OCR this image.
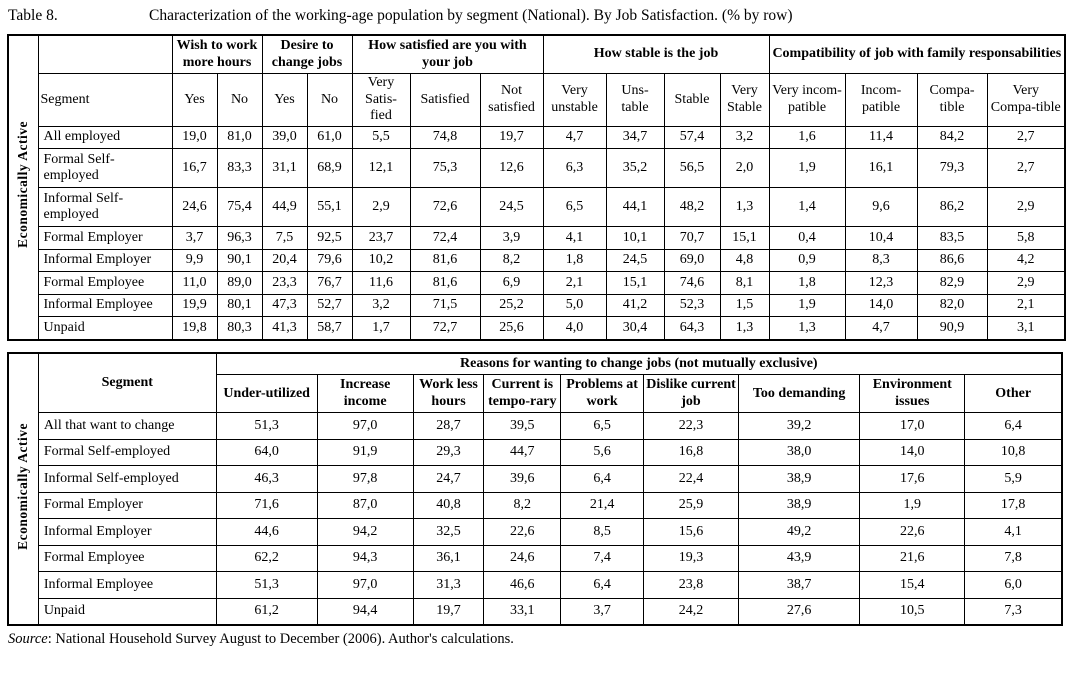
Table 8.	Characterization of the working-age population by segment (National). By Job Satisfaction. (% by row)
Economically Active		Wish to work more hours		Desire to change jobs		How satisfied are you with your job			How stable is the job				Compatibility of job with family responsabilities			
	Segment	Yes	No	Yes	No	Very Satis-fied	Satisfied	Not satisfied	Very unstable	Uns-table	Stable	Very Stable	Very incom-patible	Incom-patible	Compa-tible	Very Compa-tible
	All employed	19,0	81,0	39,0	61,0	5,5	74,8	19,7	4,7	34,7	57,4	3,2	1,6	11,4	84,2	2,7
	Formal Self-employed	16,7	83,3	31,1	68,9	12,1	75,3	12,6	6,3	35,2	56,5	2,0	1,9	16,1	79,3	2,7
	Informal Self-employed	24,6	75,4	44,9	55,1	2,9	72,6	24,5	6,5	44,1	48,2	1,3	1,4	9,6	86,2	2,9
	Formal Employer	3,7	96,3	7,5	92,5	23,7	72,4	3,9	4,1	10,1	70,7	15,1	0,4	10,4	83,5	5,8
	Informal Employer	9,9	90,1	20,4	79,6	10,2	81,6	8,2	1,8	24,5	69,0	4,8	0,9	8,3	86,6	4,2
	Formal Employee	11,0	89,0	23,3	76,7	11,6	81,6	6,9	2,1	15,1	74,6	8,1	1,8	12,3	82,9	2,9
	Informal Employee	19,9	80,1	47,3	52,7	3,2	71,5	25,2	5,0	41,2	52,3	1,5	1,9	14,0	82,0	2,1
	Unpaid	19,8	80,3	41,3	58,7	1,7	72,7	25,6	4,0	30,4	64,3	1,3	1,3	4,7	90,9	3,1
Economically Active	Segment	Reasons for wanting to change jobs (not mutually exclusive)								
		Under-utilized	Increase income	Work less hours	Current is tempo-rary	Problems at work	Dislike current job	Too demanding	Environment issues	Other
	All that want to change	51,3	97,0	28,7	39,5	6,5	22,3	39,2	17,0	6,4
	Formal Self-employed	64,0	91,9	29,3	44,7	5,6	16,8	38,0	14,0	10,8
	Informal Self-employed	46,3	97,8	24,7	39,6	6,4	22,4	38,9	17,6	5,9
	Formal Employer	71,6	87,0	40,8	8,2	21,4	25,9	38,9	1,9	17,8
	Informal Employer	44,6	94,2	32,5	22,6	8,5	15,6	49,2	22,6	4,1
	Formal Employee	62,2	94,3	36,1	24,6	7,4	19,3	43,9	21,6	7,8
	Informal Employee	51,3	97,0	31,3	46,6	6,4	23,8	38,7	15,4	6,0
	Unpaid	61,2	94,4	19,7	33,1	3,7	24,2	27,6	10,5	7,3
Source: National Household Survey August to December (2006). Author's calculations.
